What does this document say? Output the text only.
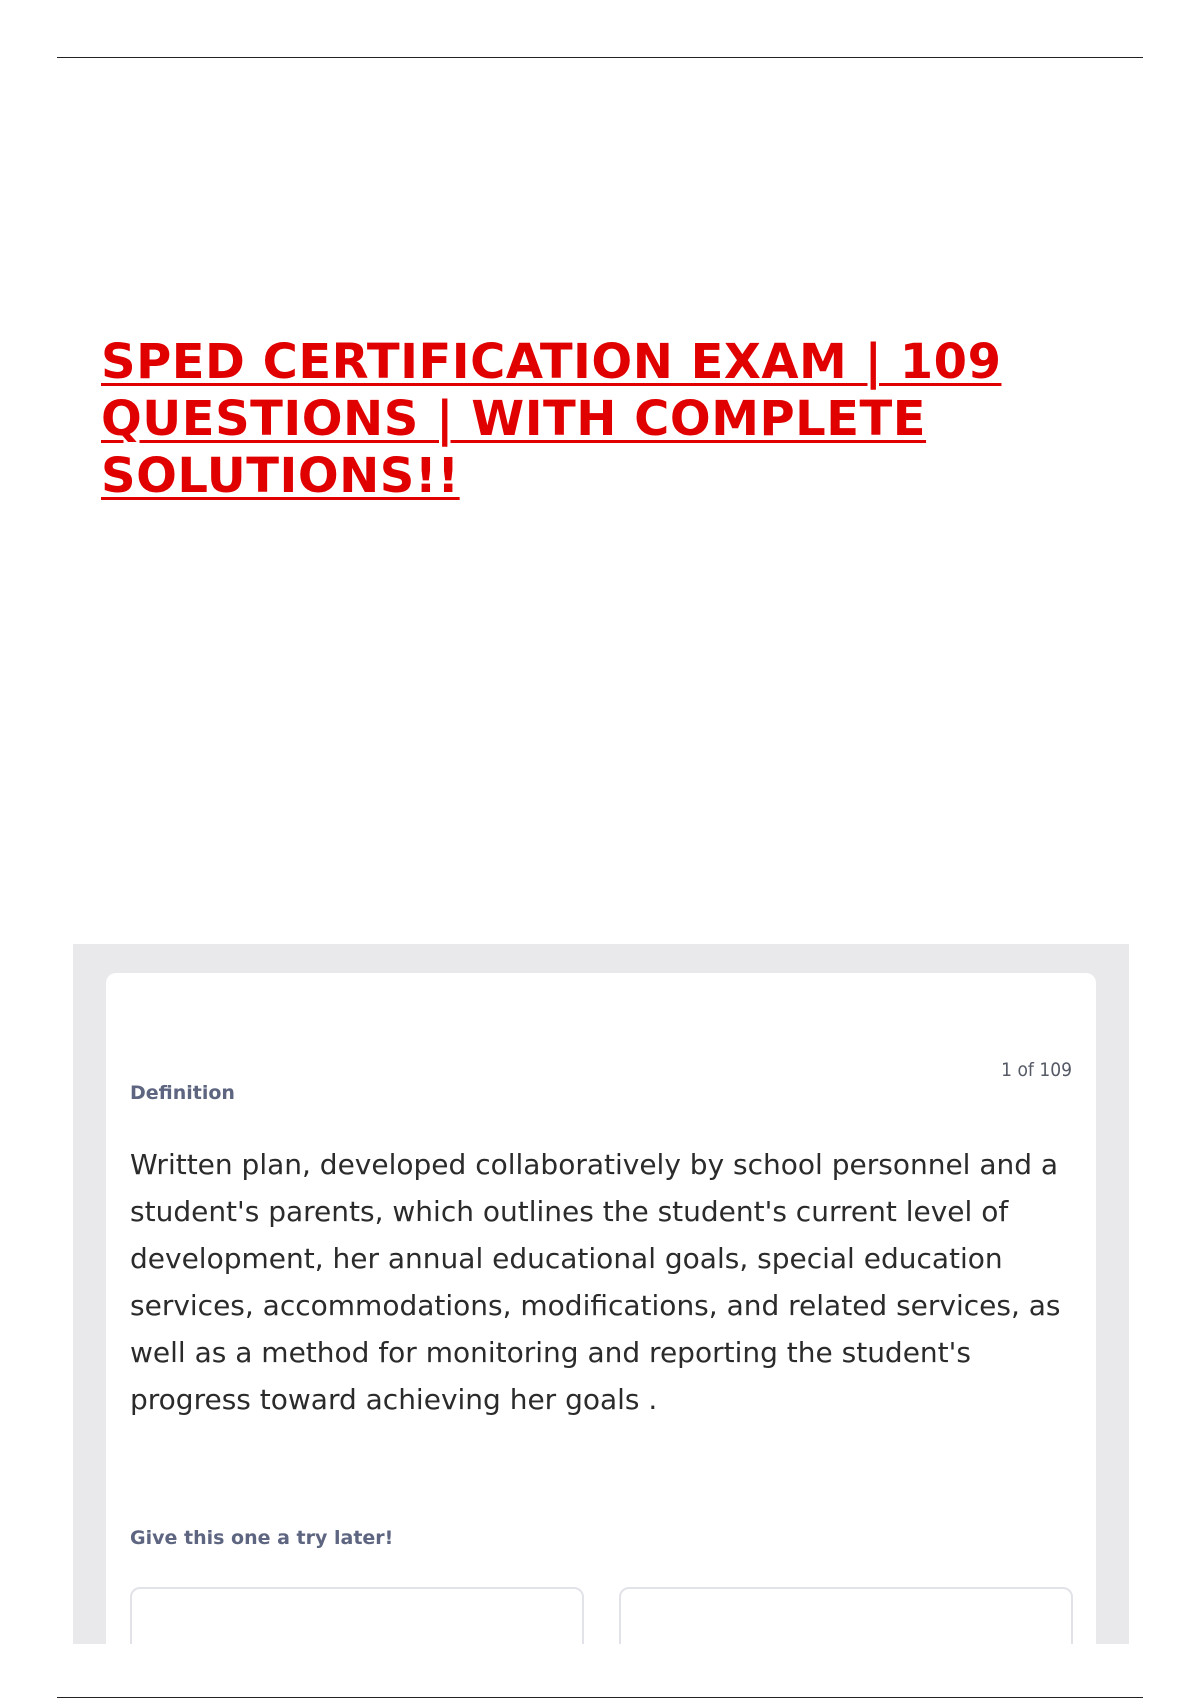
SPED CERTIFICATION EXAM | 109 QUESTIONS | WITH COMPLETE SOLUTIONS!!
1 of 109
Definition

Written plan, developed collaboratively by school personnel and a student's parents, which outlines the student's current level of development, her annual educational goals, special education services, accommodations, modifications, and related services, as well as a method for monitoring and reporting the student's progress toward achieving her goals .

Give this one a try later!
